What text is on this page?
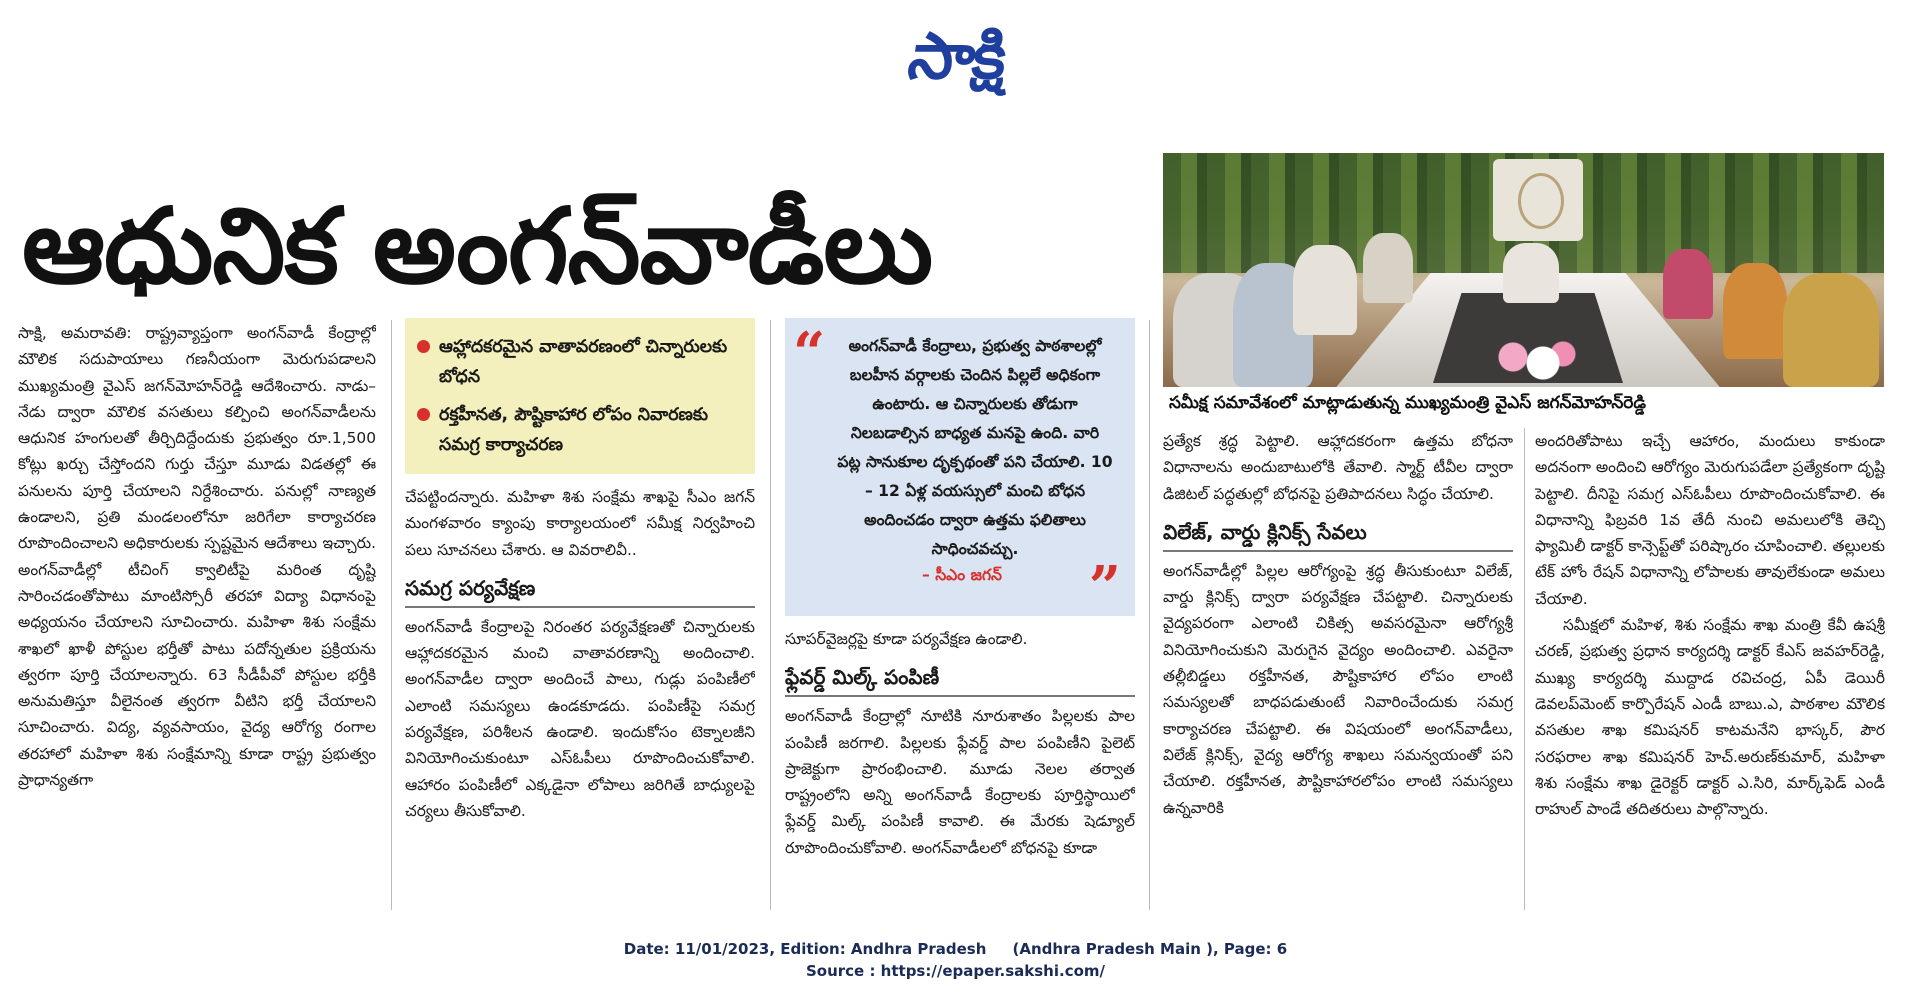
సాక్షి
ఆధునిక అంగన్‌వాడీలు
సమీక్ష సమావేశంలో మాట్లాడుతున్న ముఖ్యమంత్రి వైఎస్‌ జగన్‌మోహన్‌రెడ్డి
ఆహ్లాదకరమైన వాతావరణంలో చిన్నారులకు బోధన
రక్తహీనత, పౌష్టికాహార లోపం నివారణకు సమగ్ర కార్యాచరణ
“	అంగన్‌వాడీ కేంద్రాలు, ప్రభుత్వ పాఠశాలల్లో బలహీన వర్గాలకు చెందిన పిల్లలే అధికంగా ఉంటారు. ఆ చిన్నారులకు తోడుగా నిలబడాల్సిన బాధ్యత మనపై ఉంది. వారి పట్ల సానుకూల దృక్పథంతో పని చేయాలి. 10 – 12 ఏళ్ల వయస్సులో మంచి బోధన అందించడం ద్వారా ఉత్తమ ఫలితాలు సాధించవచ్చు.

– సీఎం జగన్‌	”

సాక్షి, అమరావతి: రాష్ట్రవ్యాప్తంగా అంగన్‌వాడీ కేంద్రాల్లో మౌలిక సదుపాయాలు గణనీయంగా మెరుగుపడాలని ముఖ్యమంత్రి వైఎస్‌ జగన్‌మోహన్‌రెడ్డి ఆదేశించారు. నాడు–నేడు ద్వారా మౌలిక వసతులు కల్పించి అంగన్‌వాడీలను ఆధునిక హంగులతో తీర్చిదిద్దేందుకు ప్రభుత్వం రూ.1,500 కోట్లు ఖర్చు చేస్తోందని గుర్తు చేస్తూ మూడు విడతల్లో ఈ పనులను పూర్తి చేయాలని నిర్దేశించారు. పనుల్లో నాణ్యత ఉండాలని, ప్రతి మండలంలోనూ జరిగేలా కార్యాచరణ రూపొందించాలని అధికారులకు స్పష్టమైన ఆదేశాలు ఇచ్చారు. అంగన్‌వాడీల్లో టీచింగ్‌ క్వాలిటీపై మరింత దృష్టి సారించడంతోపాటు మాంటిస్సోరీ తరహా విద్యా విధానంపై అధ్యయనం చేయాలని సూచించారు. మహిళా శిశు సంక్షేమ శాఖలో ఖాళీ పోస్టుల భర్తీతో పాటు పదోన్నతుల ప్రక్రియను త్వరగా పూర్తి చేయాలన్నారు. 63 సీడీపీవో పోస్టుల భర్తీకి అనుమతిస్తూ వీలైనంత త్వరగా వీటిని భర్తీ చేయాలని సూచించారు. విద్య, వ్యవసాయం, వైద్య ఆరోగ్య రంగాల తరహాలో మహిళా శిశు సంక్షేమాన్ని కూడా రాష్ట్ర ప్రభుత్వం ప్రాధాన్యతగా

చేపట్టిందన్నారు. మహిళా శిశు సంక్షేమ శాఖపై సీఎం జగన్‌ మంగళవారం క్యాంపు కార్యాలయంలో సమీక్ష నిర్వహించి పలు సూచనలు చేశారు. ఆ వివరాలివీ..

సమగ్ర పర్యవేక్షణ

అంగన్‌వాడీ కేంద్రాలపై నిరంతర పర్యవేక్షణతో చిన్నారులకు ఆహ్లాదకరమైన మంచి వాతావరణాన్ని అందించాలి. అంగన్‌వాడీల ద్వారా అందించే పాలు, గుడ్లు పంపిణీలో ఎలాంటి సమస్యలు ఉండకూడదు. పంపిణీపై సమగ్ర పర్యవేక్షణ, పరిశీలన ఉండాలి. ఇందుకోసం టెక్నాలజీని వినియోగించుకుంటూ ఎస్‌ఓపీలు రూపొందించుకోవాలి. ఆహారం పంపిణీలో ఎక్కడైనా లోపాలు జరిగితే బాధ్యులపై చర్యలు తీసుకోవాలి.

సూపర్‌వైజర్లపై కూడా పర్యవేక్షణ ఉండాలి.

ఫ్లేవర్డ్‌ మిల్క్‌ పంపిణీ

అంగన్‌వాడీ కేంద్రాల్లో నూటికి నూరుశాతం పిల్లలకు పాల పంపిణీ జరగాలి. పిల్లలకు ఫ్లేవర్డ్‌ పాల పంపిణీని పైలెట్‌ ప్రాజెక్టుగా ప్రారంభించాలి. మూడు నెలల తర్వాత రాష్ట్రంలోని అన్ని అంగన్‌వాడీ కేంద్రాలకు పూర్తిస్థాయిలో ఫ్లేవర్డ్‌ మిల్క్‌ పంపిణీ కావాలి. ఈ మేరకు షెడ్యూల్‌ రూపొందించుకోవాలి. అంగన్‌వాడీలలో బోధనపై కూడా

ప్రత్యేక శ్రద్ధ పెట్టాలి. ఆహ్లాదకరంగా ఉత్తమ బోధనా విధానాలను అందుబాటులోకి తేవాలి. స్మార్ట్‌ టీవీల ద్వారా డిజిటల్‌ పద్ధతుల్లో బోధనపై ప్రతిపాదనలు సిద్ధం చేయాలి.

విలేజ్, వార్డు క్లినిక్స్‌ సేవలు

అంగన్‌వాడీల్లో పిల్లల ఆరోగ్యంపై శ్రద్ధ తీసుకుంటూ విలేజ్, వార్డు క్లినిక్స్‌ ద్వారా పర్యవేక్షణ చేపట్టాలి. చిన్నారులకు వైద్యపరంగా ఎలాంటి చికిత్స అవసరమైనా ఆరోగ్యశ్రీ వినియోగించుకుని మెరుగైన వైద్యం అందించాలి. ఎవరైనా తల్లీబిడ్డలు రక్తహీనత, పౌష్టికాహార లోపం లాంటి సమస్యలతో బాధపడుతుంటే నివారించేందుకు సమగ్ర కార్యాచరణ చేపట్టాలి. ఈ విషయంలో అంగన్‌వాడీలు, విలేజ్‌ క్లినిక్స్, వైద్య ఆరోగ్య శాఖలు సమన్వయంతో పని చేయాలి. రక్తహీనత, పౌష్టికాహారలోపం లాంటి సమస్యలు ఉన్నవారికి

అందరితోపాటు ఇచ్చే ఆహారం, మందులు కాకుండా అదనంగా అందించి ఆరోగ్యం మెరుగుపడేలా ప్రత్యేకంగా దృష్టి పెట్టాలి. దీనిపై సమగ్ర ఎస్‌ఓపీలు రూపొందించుకోవాలి. ఈ విధానాన్ని ఫిబ్రవరి 1వ తేదీ నుంచి అమలులోకి తెచ్చి ఫ్యామిలీ డాక్టర్‌ కాన్సెప్ట్‌తో పరిష్కారం చూపించాలి. తల్లులకు టేక్‌ హోం రేషన్‌ విధానాన్ని లోపాలకు తావులేకుండా అమలు చేయాలి.

సమీక్షలో మహిళ, శిశు సంక్షేమ శాఖ మంత్రి కేవీ ఉషశ్రీ చరణ్, ప్రభుత్వ ప్రధాన కార్యదర్శి డాక్టర్‌ కేఎస్‌ జవహర్‌రెడ్డి, ముఖ్య కార్యదర్శి ముద్దాడ రవిచంద్ర, ఏపీ డెయిరీ డెవలప్‌మెంట్‌ కార్పొరేషన్‌ ఎండీ బాబు.ఎ, పాఠశాల మౌలిక వసతుల శాఖ కమిషనర్‌ కాటమనేని భాస్కర్, పౌర సరఫరాల శాఖ కమిషనర్‌ హెచ్‌.అరుణ్‌కుమార్, మహిళా శిశు సంక్షేమ శాఖ డైరెక్టర్‌ డాక్టర్‌ ఎ.సిరి, మార్క్‌ఫెడ్‌ ఎండీ రాహుల్‌ పాండే తదితరులు పాల్గొన్నారు.

Date: 11/01/2023, Edition: Andhra Pradesh     (Andhra Pradesh Main ), Page: 6
Source : https://epaper.sakshi.com/
